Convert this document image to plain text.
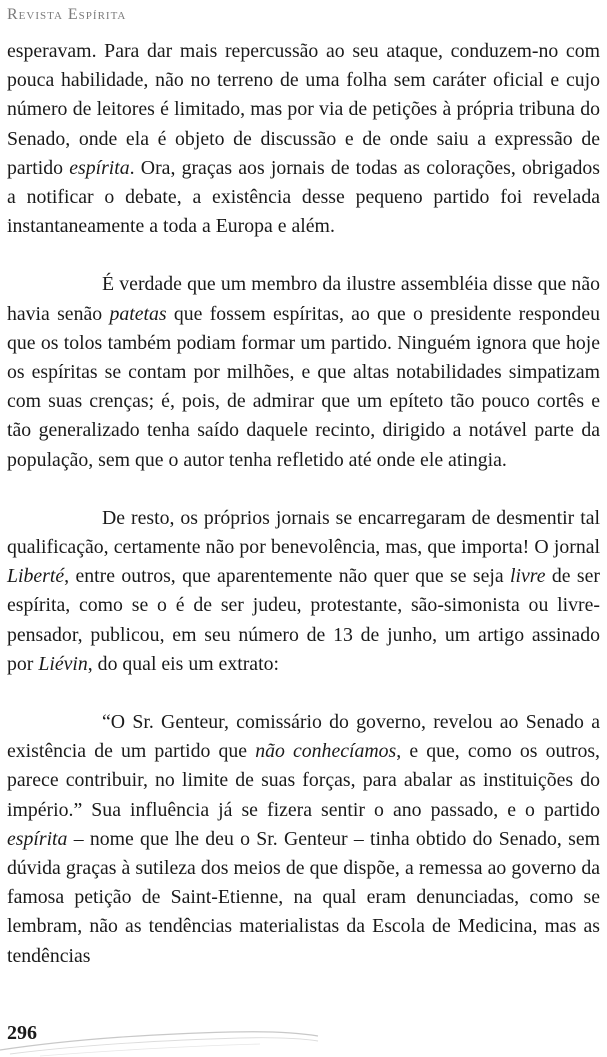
Revista Espírita

esperavam. Para dar mais repercussão ao seu ataque, conduzem-no com pouca habilidade, não no terreno de uma folha sem caráter oficial e cujo número de leitores é limitado, mas por via de petições à própria tribuna do Senado, onde ela é objeto de discussão e de onde saiu a expressão de partido espírita. Ora, graças aos jornais de todas as colorações, obrigados a notificar o debate, a existência desse pequeno partido foi revelada instantaneamente a toda a Europa e além.

É verdade que um membro da ilustre assembléia disse que não havia senão patetas que fossem espíritas, ao que o presidente respondeu que os tolos também podiam formar um partido. Ninguém ignora que hoje os espíritas se contam por milhões, e que altas notabilidades simpatizam com suas crenças; é, pois, de admirar que um epíteto tão pouco cortês e tão generalizado tenha saído daquele recinto, dirigido a notável parte da população, sem que o autor tenha refletido até onde ele atingia.

De resto, os próprios jornais se encarregaram de desmentir tal qualificação, certamente não por benevolência, mas, que importa! O jornal Liberté, entre outros, que aparentemente não quer que se seja livre de ser espírita, como se o é de ser judeu, protestante, são-simonista ou livre-pensador, publicou, em seu número de 13 de junho, um artigo assinado por Liévin, do qual eis um extrato:

“O Sr. Genteur, comissário do governo, revelou ao Senado a existência de um partido que não conhecíamos, e que, como os outros, parece contribuir, no limite de suas forças, para abalar as instituições do império.” Sua influência já se fizera sentir o ano passado, e o partido espírita – nome que lhe deu o Sr. Genteur – tinha obtido do Senado, sem dúvida graças à sutileza dos meios de que dispõe, a remessa ao governo da famosa petição de Saint-Etienne, na qual eram denunciadas, como se lembram, não as tendências materialistas da Escola de Medicina, mas as tendências

296
